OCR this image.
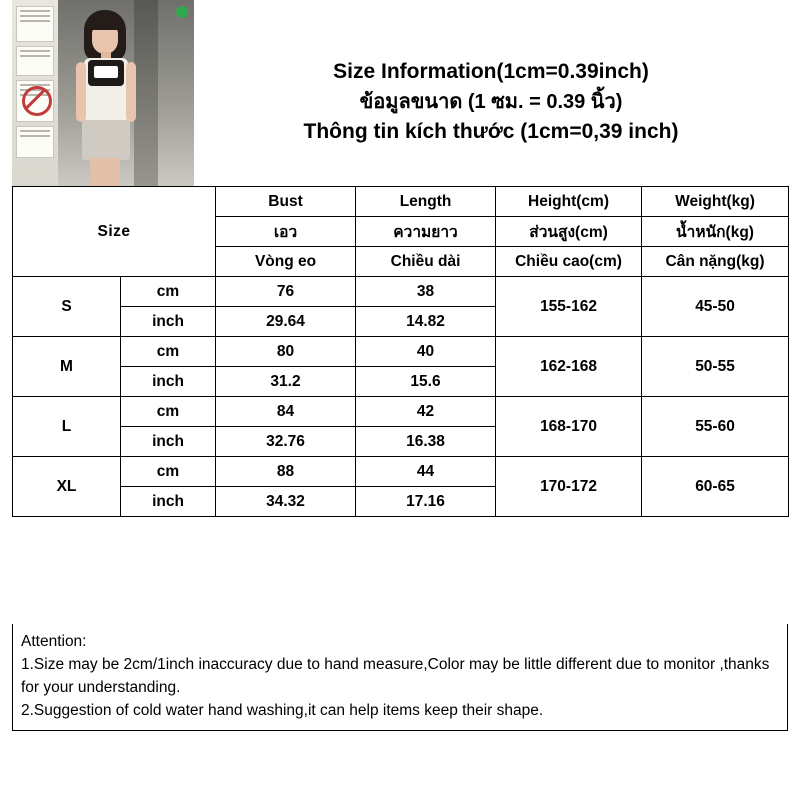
Size Information(1cm=0.39inch)
ข้อมูลขนาด (1 ซม. = 0.39 นิ้ว)
Thông tin kích thước (1cm=0,39 inch)
Size		Bust	Length	Height(cm)	Weight(kg)
		เอว	ความยาว	ส่วนสูง(cm)	น้ำหนัก(kg)
		Vòng eo	Chiều dài	Chiều cao(cm)	Cân nặng(kg)
S	cm	76	38	155-162	45-50
	inch	29.64	14.82		
M	cm	80	40	162-168	50-55
	inch	31.2	15.6		
L	cm	84	42	168-170	55-60
	inch	32.76	16.38		
XL	cm	88	44	170-172	60-65
	inch	34.32	17.16		

Attention:

1.Size may be 2cm/1inch inaccuracy due to hand measure,Color may be little different due to monitor ,thanks for your understanding.

2.Suggestion of cold water hand washing,it can help items keep their shape.
